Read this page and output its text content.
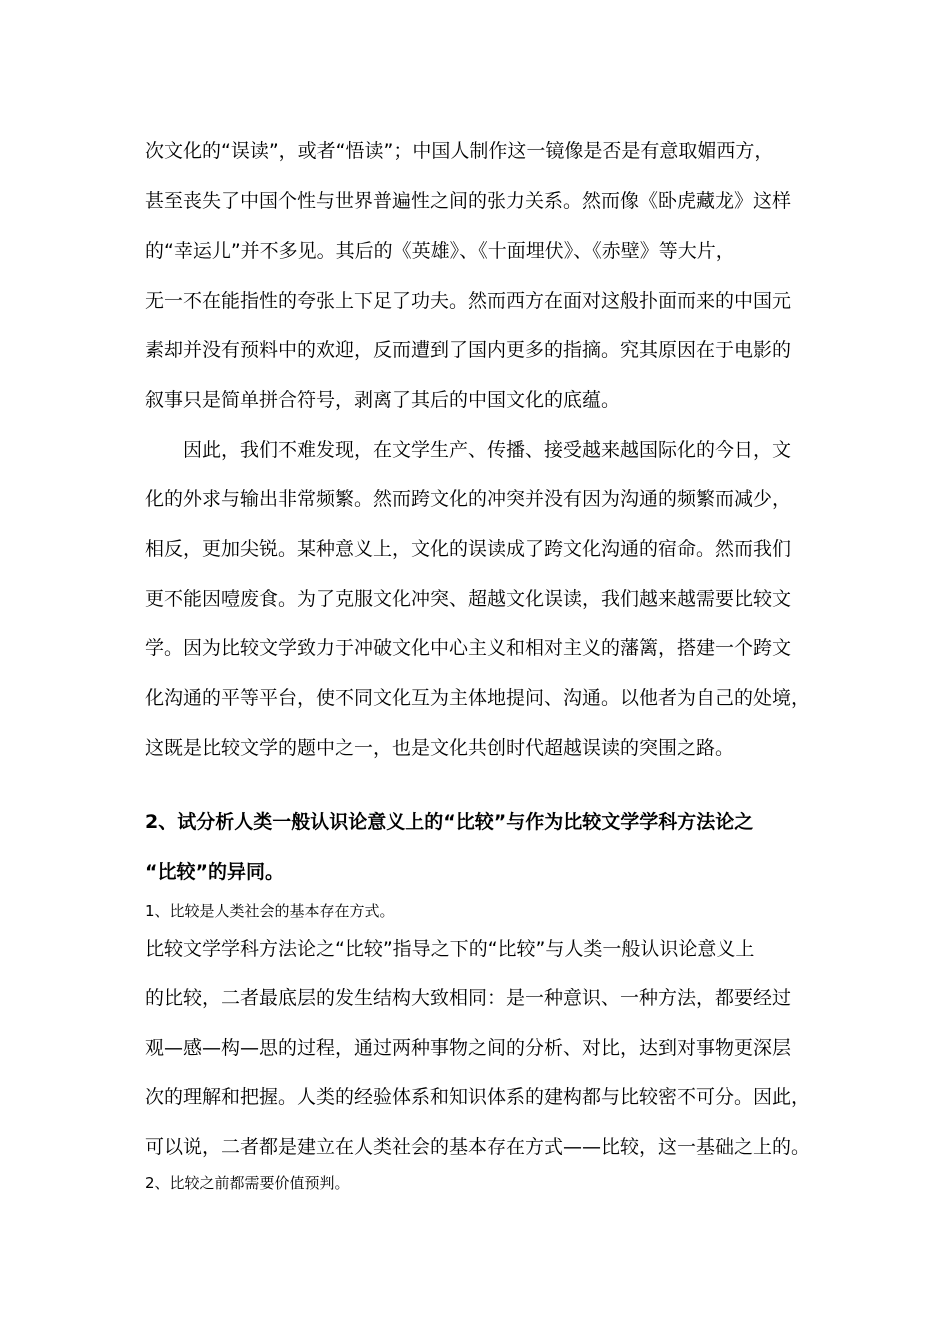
次文化的“误读”，或者“悟读”；中国人制作这一镜像是否是有意取媚西方，
甚至丧失了中国个性与世界普遍性之间的张力关系。然而像《卧虎藏龙》这样
的“幸运儿”并不多见。其后的《英雄》、《十面埋伏》、《赤壁》等大片，
无一不在能指性的夸张上下足了功夫。然而西方在面对这般扑面而来的中国元
素却并没有预料中的欢迎，反而遭到了国内更多的指摘。究其原因在于电影的
叙事只是简单拼合符号，剥离了其后的中国文化的底蕴。
因此，我们不难发现，在文学生产、传播、接受越来越国际化的今日，文
化的外求与输出非常频繁。然而跨文化的冲突并没有因为沟通的频繁而减少，
相反，更加尖锐。某种意义上，文化的误读成了跨文化沟通的宿命。然而我们
更不能因噎废食。为了克服文化冲突、超越文化误读，我们越来越需要比较文
学。因为比较文学致力于冲破文化中心主义和相对主义的藩篱，搭建一个跨文
化沟通的平等平台，使不同文化互为主体地提问、沟通。以他者为自己的处境，
这既是比较文学的题中之一，也是文化共创时代超越误读的突围之路。
2、试分析人类一般认识论意义上的“比较”与作为比较文学学科方法论之
“比较”的异同。
1、比较是人类社会的基本存在方式。
比较文学学科方法论之“比较”指导之下的“比较”与人类一般认识论意义上
的比较，二者最底层的发生结构大致相同：是一种意识、一种方法，都要经过
观—感—构—思的过程，通过两种事物之间的分析、对比，达到对事物更深层
次的理解和把握。人类的经验体系和知识体系的建构都与比较密不可分。因此，
可以说，二者都是建立在人类社会的基本存在方式——比较，这一基础之上的。
2、比较之前都需要价值预判。
